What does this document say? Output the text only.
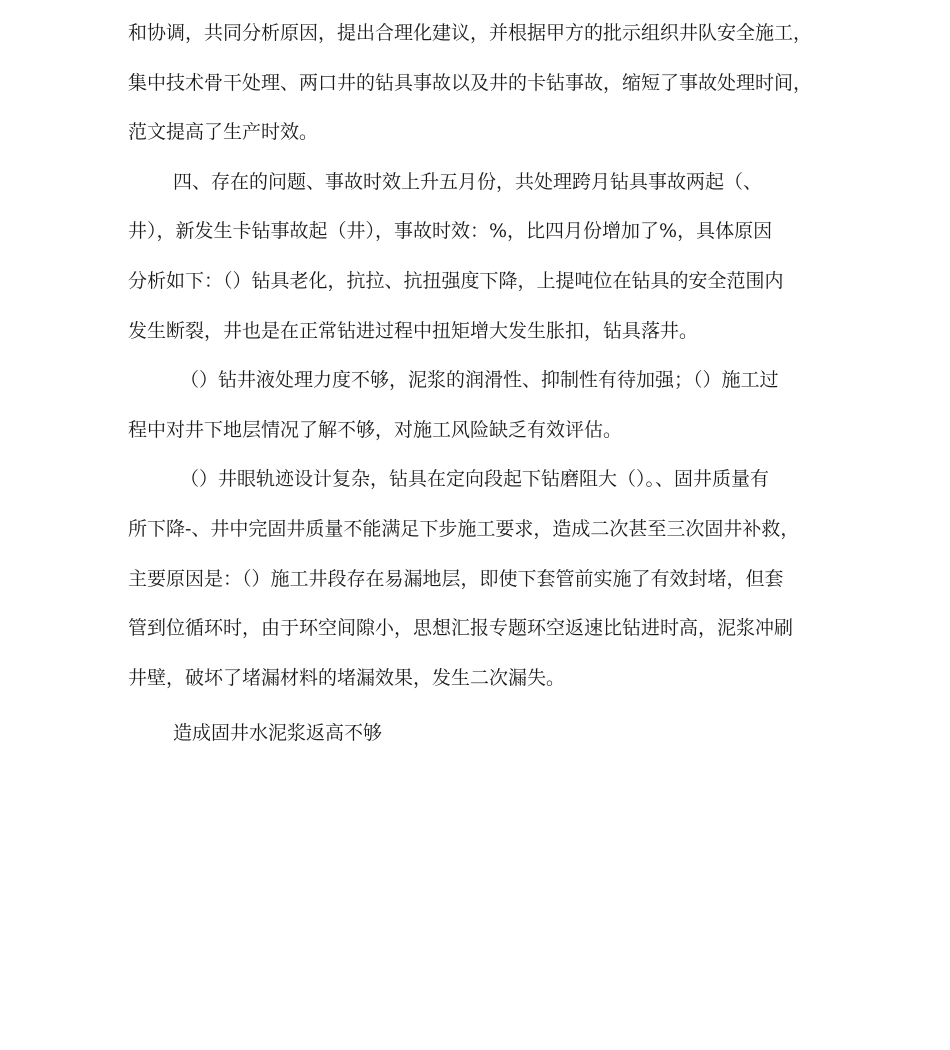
和协调，共同分析原因，提出合理化建议，并根据甲方的批示组织井队安全施工，
集中技术骨干处理、两口井的钻具事故以及井的卡钻事故，缩短了事故处理时间，
范文提高了生产时效。
四、存在的问题、事故时效上升五月份，共处理跨月钻具事故两起（、
井），新发生卡钻事故起（井），事故时效：%，比四月份增加了%，具体原因
分析如下：（）钻具老化，抗拉、抗扭强度下降，上提吨位在钻具的安全范围内
发生断裂，井也是在正常钻进过程中扭矩增大发生胀扣，钻具落井。
（）钻井液处理力度不够，泥浆的润滑性、抑制性有待加强；（）施工过
程中对井下地层情况了解不够，对施工风险缺乏有效评估。
（）井眼轨迹设计复杂，钻具在定向段起下钻磨阻大（）。、固井质量有
所下降-、井中完固井质量不能满足下步施工要求，造成二次甚至三次固井补救，
主要原因是：（）施工井段存在易漏地层，即使下套管前实施了有效封堵，但套
管到位循环时，由于环空间隙小，思想汇报专题环空返速比钻进时高，泥浆冲刷
井壁，破坏了堵漏材料的堵漏效果，发生二次漏失。
造成固井水泥浆返高不够
